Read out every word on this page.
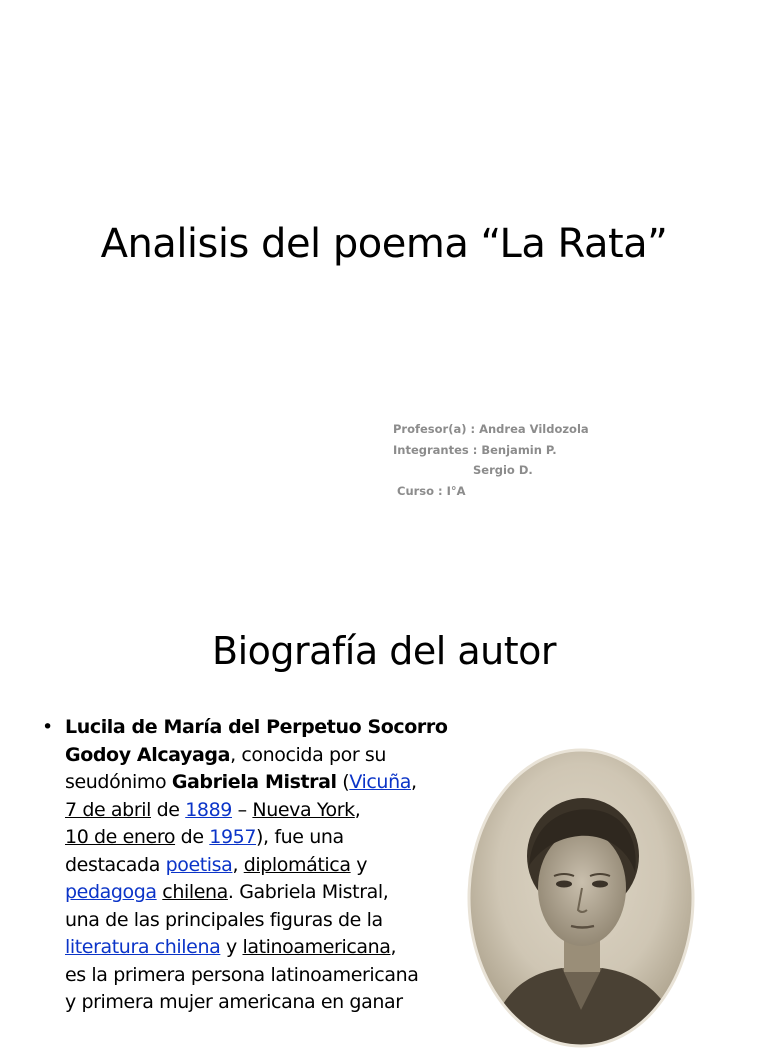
Analisis del poema “La Rata”
Profesor(a) : Andrea Vildozola
Integrantes : Benjamin P.
Sergio D.
Curso : I°A
Biografía del autor
• Lucila de María del Perpetuo Socorro
Godoy Alcayaga, conocida por su
seudónimo Gabriela Mistral (Vicuña,
7 de abril de 1889 – Nueva York,
10 de enero de 1957), fue una
destacada poetisa, diplomática y
pedagoga chilena. Gabriela Mistral,
una de las principales figuras de la
literatura chilena y latinoamericana,
es la primera persona latinoamericana
y primera mujer americana en ganar
